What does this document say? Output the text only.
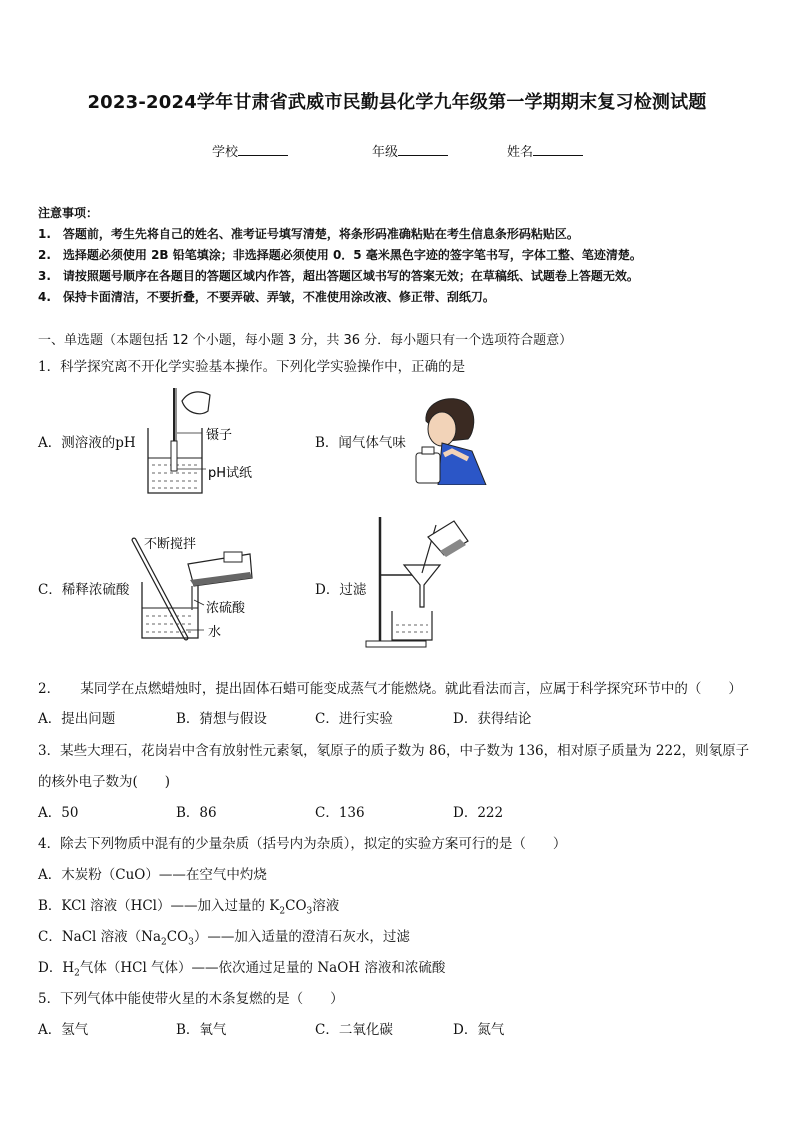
2023-2024学年甘肃省武威市民勤县化学九年级第一学期期末复习检测试题
学校	年级	姓名
注意事项：
1.　答题前，考生先将自己的姓名、准考证号填写清楚，将条形码准确粘贴在考生信息条形码粘贴区。
2.　选择题必须使用 2B 铅笔填涂；非选择题必须使用 0．5 毫米黑色字迹的签字笔书写，字体工整、笔迹清楚。
3.　请按照题号顺序在各题目的答题区域内作答，超出答题区域书写的答案无效；在草稿纸、试题卷上答题无效。
4.　保持卡面清洁，不要折叠，不要弄破、弄皱，不准使用涂改液、修正带、刮纸刀。
一、单选题（本题包括 12 个小题，每小题 3 分，共 36 分．每小题只有一个选项符合题意）
1．科学探究离不开化学实验基本操作。下列化学实验操作中，正确的是
A．测溶液的pH	B．闻气体气味
C．稀释浓硫酸	D．过滤
镊子
pH试纸
不断搅拌
浓硫酸
水
2．　　某同学在点燃蜡烛时，提出固体石蜡可能变成蒸气才能燃烧。就此看法而言，应属于科学探究环节中的（　　）
A．提出问题	B．猜想与假设	C．进行实验	D．获得结论
3．某些大理石，花岗岩中含有放射性元素氡，氡原子的质子数为 86，中子数为 136，相对原子质量为 222，则氡原子
的核外电子数为(　　)
A．50	B．86	C．136	D．222
4．除去下列物质中混有的少量杂质（括号内为杂质），拟定的实验方案可行的是（　　）
A．木炭粉（CuO）——在空气中灼烧
B．KCl 溶液（HCl）——加入过量的 $K_2CO_3$溶液
C．NaCl 溶液$(Na_2CO_3)——$加入适量的澄清石灰水，过滤
D．$H_2$气体（HCl 气体）——依次通过足量的 NaOH 溶液和浓硫酸
5．下列气体中能使带火星的木条复燃的是（　　）
A．氢气	B．氧气	C．二氧化碳	D．氮气
